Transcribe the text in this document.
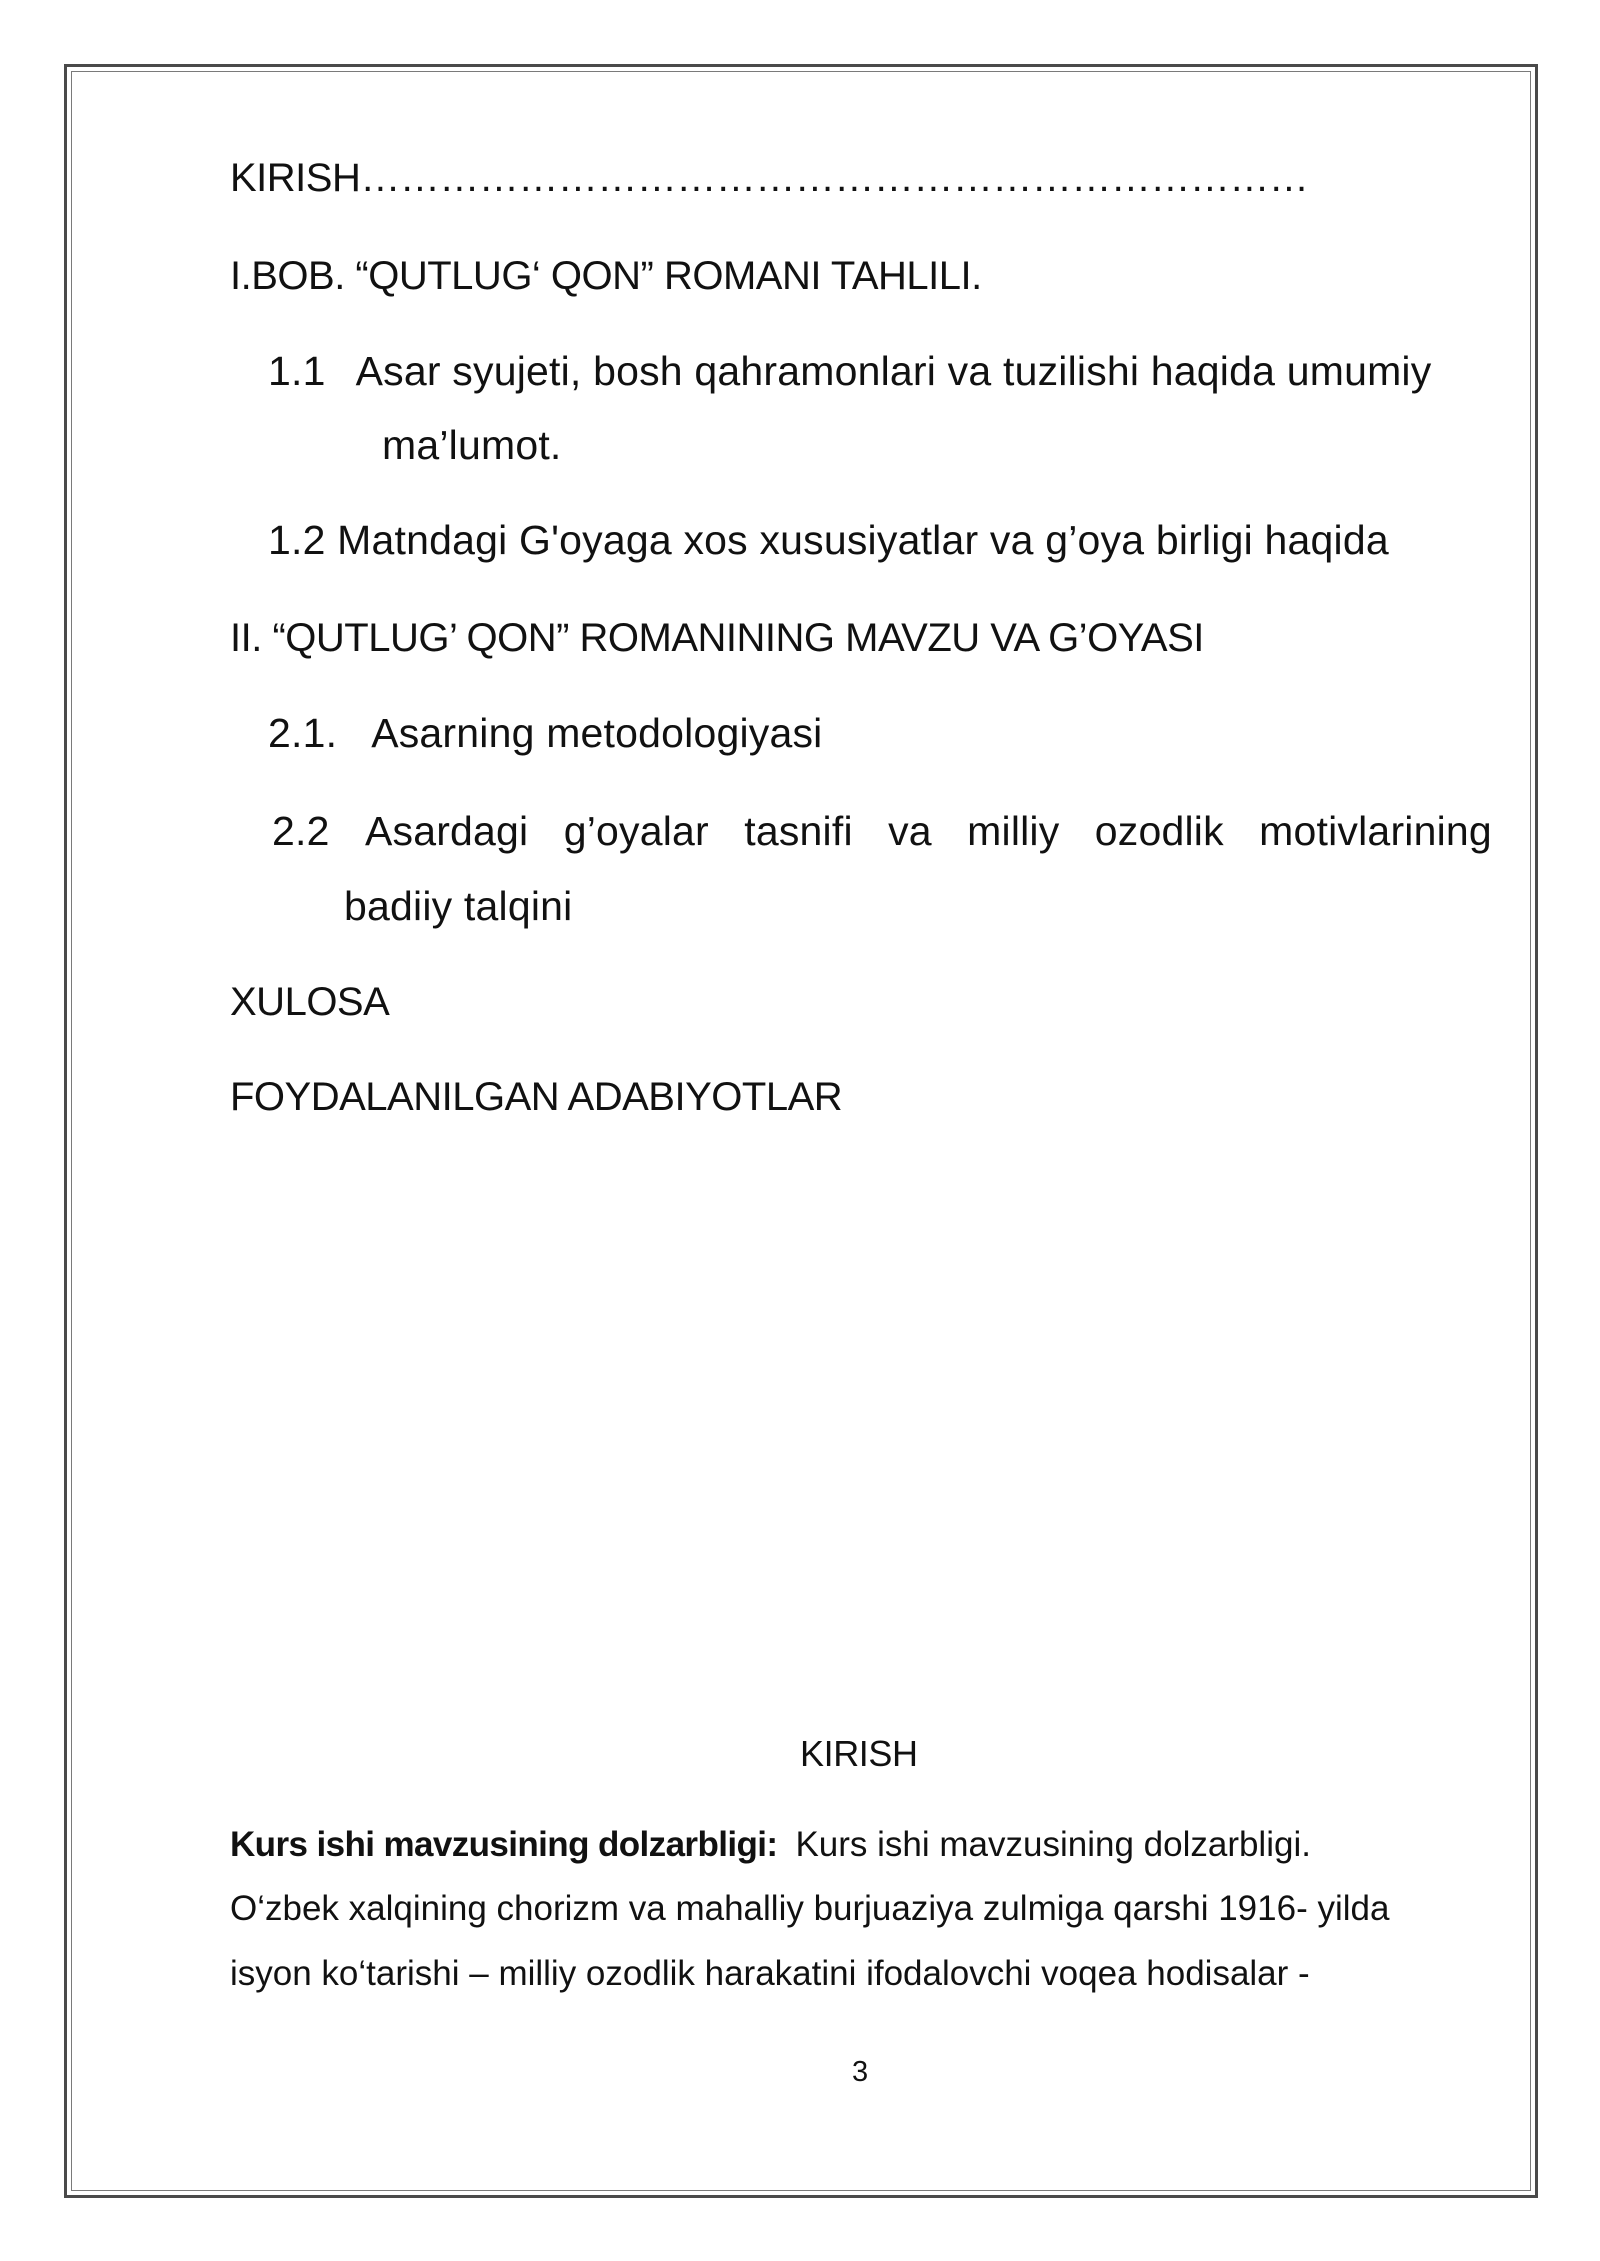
KIRISH………………………………………………………………
I.BOB. “QUTLUG‘ QON” ROMANI TAHLILI.
1.1 Asar syujeti, bosh qahramonlari va tuzilishi haqida umumiy
ma’lumot.
1.2 Matndagi G'oyaga xos xususiyatlar va g’oya birligi haqida
II. “QUTLUG’ QON” ROMANINING MAVZU VA G’OYASI
2.1. Asarning metodologiyasi
2.2 Asardagi g’oyalar tasnifi va milliy ozodlik motivlarining
badiiy talqini
XULOSA
FOYDALANILGAN ADABIYOTLAR
KIRISH
Kurs ishi mavzusining dolzarbligi: Kurs ishi mavzusining dolzarbligi.
O‘zbek xalqining chorizm va mahalliy burjuaziya zulmiga qarshi 1916- yilda
isyon ko‘tarishi – milliy ozodlik harakatini ifodalovchi voqea hodisalar -
3
